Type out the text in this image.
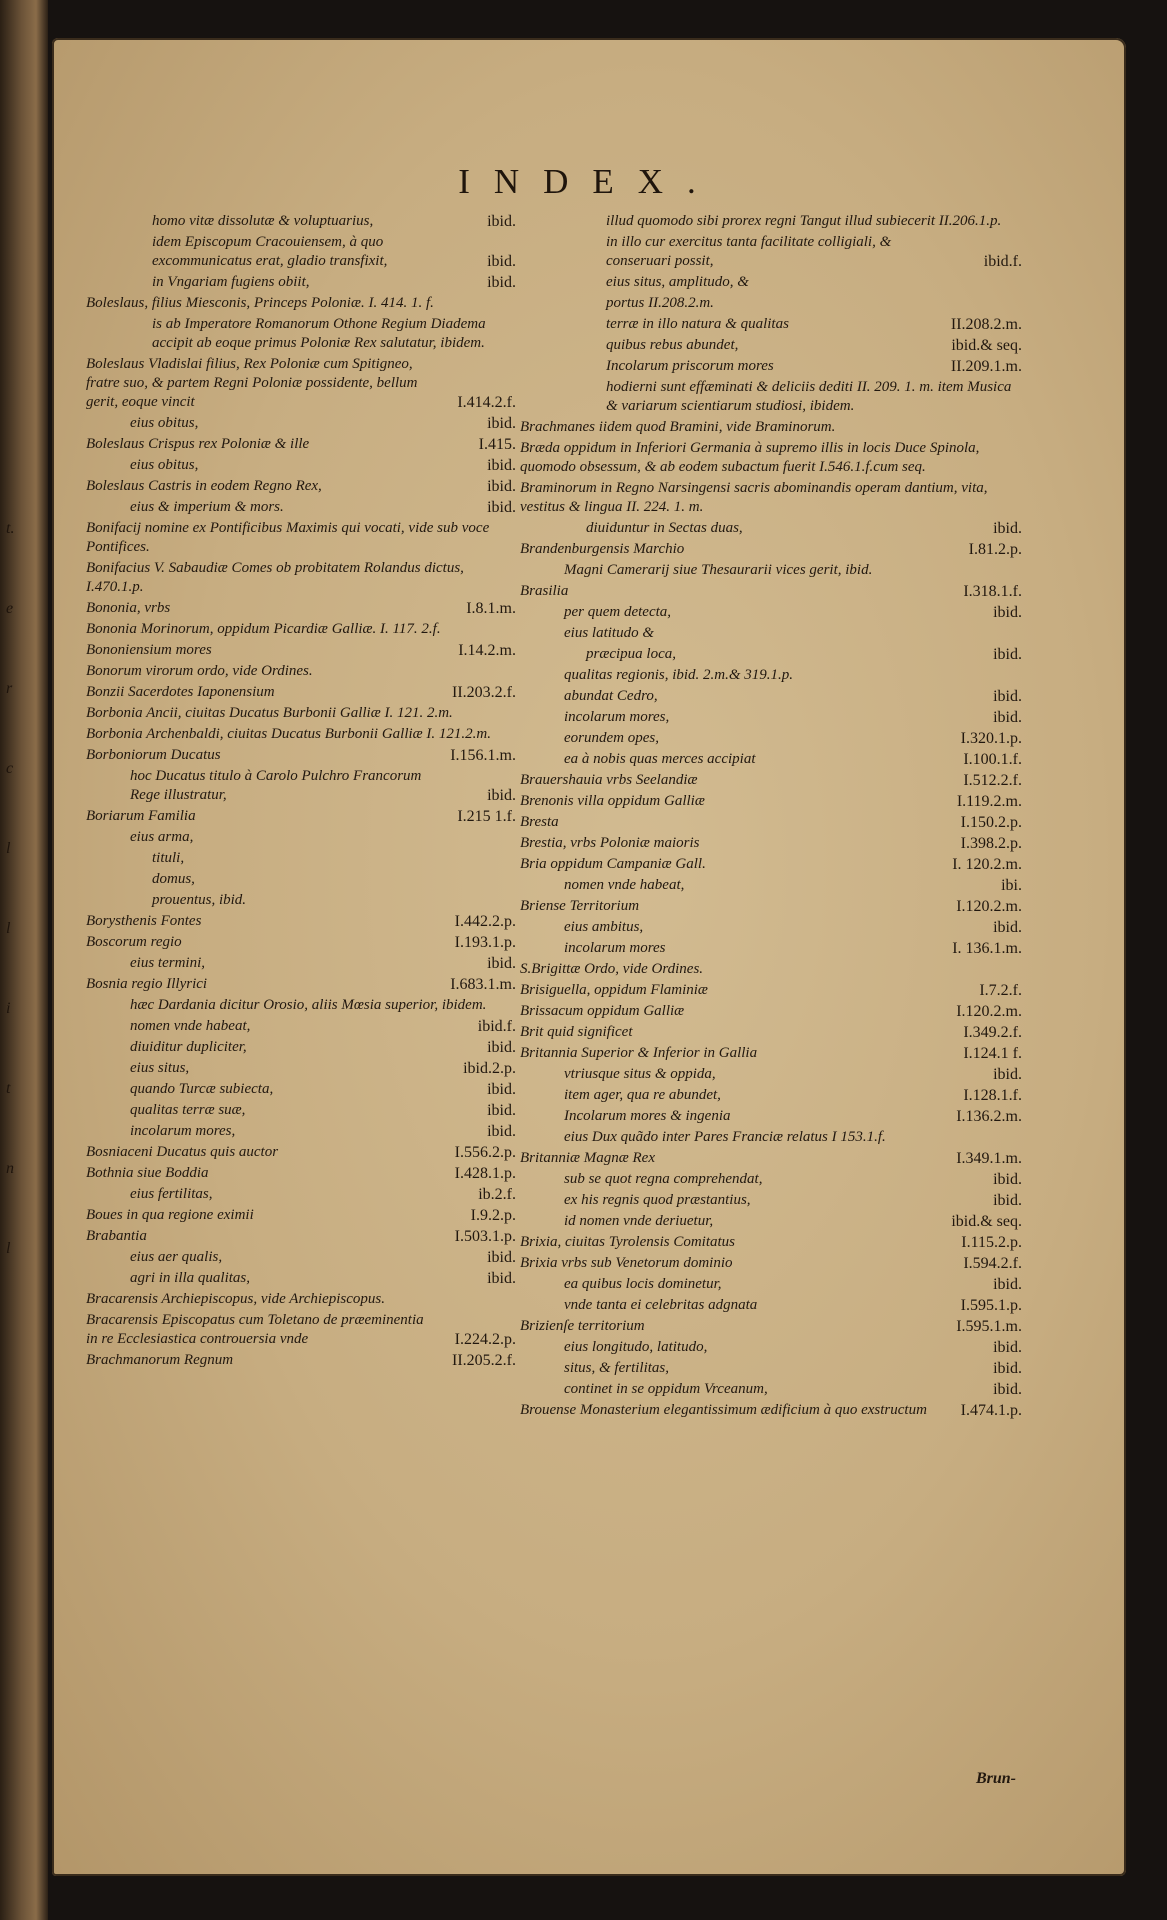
t.
e
r
c
l
l
i
t
n
l
INDEX.
homo vitæ dissolutæ & voluptuarius,	ibid.
idem Episcopum Cracouiensem, à quo excommunicatus erat, gladio transfixit,	ibid.
in Vngariam fugiens obiit,	ibid.
Boleslaus, filius Miesconis, Princeps Poloniæ. I. 414. 1. f.
is ab Imperatore Romanorum Othone Regium Diadema accipit ab eoque primus Poloniæ Rex salutatur, ibidem.
Boleslaus Vladislai filius, Rex Poloniæ cum Spitigneo, fratre suo, & partem Regni Poloniæ possidente, bellum gerit, eoque vincit	I.414.2.f.
eius obitus,	ibid.
Boleslaus Crispus rex Poloniæ & ille	I.415.
eius obitus,	ibid.
Boleslaus Castris in eodem Regno Rex,	ibid.
eius & imperium & mors.	ibid.
Bonifacij nomine ex Pontificibus Maximis qui vocati, vide sub voce Pontifices.
Bonifacius V. Sabaudiæ Comes ob probitatem Rolandus dictus, I.470.1.p.
Bononia, vrbs	I.8.1.m.
Bononia Morinorum, oppidum Picardiæ Galliæ. I. 117. 2.f.
Bononiensium mores	I.14.2.m.
Bonorum virorum ordo, vide Ordines.
Bonzii Sacerdotes Iaponensium	II.203.2.f.
Borbonia Ancii, ciuitas Ducatus Burbonii Galliæ I. 121. 2.m.
Borbonia Archenbaldi, ciuitas Ducatus Burbonii Galliæ I. 121.2.m.
Borboniorum Ducatus	I.156.1.m.
hoc Ducatus titulo à Carolo Pulchro Francorum Rege illustratur,	ibid.
Boriarum Familia	I.215 1.f.
eius arma,
tituli,
domus,
prouentus, ibid.
Borysthenis Fontes	I.442.2.p.
Boscorum regio	I.193.1.p.
eius termini,	ibid.
Bosnia regio Illyrici	I.683.1.m.
hæc Dardania dicitur Orosio, aliis Mœsia superior, ibidem.
nomen vnde habeat,	ibid.f.
diuiditur dupliciter,	ibid.
eius situs,	ibid.2.p.
quando Turcæ subiecta,	ibid.
qualitas terræ suæ,	ibid.
incolarum mores,	ibid.
Bosniaceni Ducatus quis auctor	I.556.2.p.
Bothnia siue Boddia	I.428.1.p.
eius fertilitas,	ib.2.f.
Boues in qua regione eximii	I.9.2.p.
Brabantia	I.503.1.p.
eius aer qualis,	ibid.
agri in illa qualitas,	ibid.
Bracarensis Archiepiscopus, vide Archiepiscopus.
Bracarensis Episcopatus cum Toletano de præeminentia in re Ecclesiastica controuersia vnde	I.224.2.p.
Brachmanorum Regnum	II.205.2.f.
illud quomodo sibi prorex regni Tangut illud subiecerit II.206.1.p.
in illo cur exercitus tanta facilitate colligiali, & conseruari possit,	ibid.f.
eius situs, amplitudo, &
portus II.208.2.m.
terræ in illo natura & qualitas	II.208.2.m.
quibus rebus abundet,	ibid.& seq.
Incolarum priscorum mores	II.209.1.m.
hodierni sunt effæminati & deliciis dediti II. 209. 1. m. item Musica & variarum scientiarum studiosi, ibidem.
Brachmanes iidem quod Bramini, vide Braminorum.
Bræda oppidum in Inferiori Germania à supremo illis in locis Duce Spinola, quomodo obsessum, & ab eodem subactum fuerit I.546.1.f.cum seq.
Braminorum in Regno Narsingensi sacris abominandis operam dantium, vita, vestitus & lingua II. 224. 1. m.
diuiduntur in Sectas duas,	ibid.
Brandenburgensis Marchio	I.81.2.p.
Magni Camerarij siue Thesaurarii vices gerit, ibid.
Brasilia	I.318.1.f.
per quem detecta,	ibid.
eius latitudo &
præcipua loca,	ibid.
qualitas regionis, ibid. 2.m.& 319.1.p.
abundat Cedro,	ibid.
incolarum mores,	ibid.
eorundem opes,	I.320.1.p.
ea à nobis quas merces accipiat	I.100.1.f.
Brauershauia vrbs Seelandiæ	I.512.2.f.
Brenonis villa oppidum Galliæ	I.119.2.m.
Bresta	I.150.2.p.
Brestia, vrbs Poloniæ maioris	I.398.2.p.
Bria oppidum Campaniæ Gall.	I. 120.2.m.
nomen vnde habeat,	ibi.
Briense Territorium	I.120.2.m.
eius ambitus,	ibid.
incolarum mores	I. 136.1.m.
S.Brigittæ Ordo, vide Ordines.
Brisiguella, oppidum Flaminiæ	I.7.2.f.
Brissacum oppidum Galliæ	I.120.2.m.
Brit quid significet	I.349.2.f.
Britannia Superior & Inferior in Gallia	I.124.1 f.
vtriusque situs & oppida,	ibid.
item ager, qua re abundet,	I.128.1.f.
Incolarum mores & ingenia	I.136.2.m.
eius Dux quãdo inter Pares Franciæ relatus I 153.1.f.
Britanniæ Magnæ Rex	I.349.1.m.
sub se quot regna comprehendat,	ibid.
ex his regnis quod præstantius,	ibid.
id nomen vnde deriuetur,	ibid.& seq.
Brixia, ciuitas Tyrolensis Comitatus	I.115.2.p.
Brixia vrbs sub Venetorum dominio	I.594.2.f.
ea quibus locis dominetur,	ibid.
vnde tanta ei celebritas adgnata	I.595.1.p.
Brizienſe territorium	I.595.1.m.
eius longitudo, latitudo,	ibid.
situs, & fertilitas,	ibid.
continet in se oppidum Vrceanum,	ibid.
Brouense Monasterium elegantissimum ædificium à quo exstructum	I.474.1.p.
Brun-
